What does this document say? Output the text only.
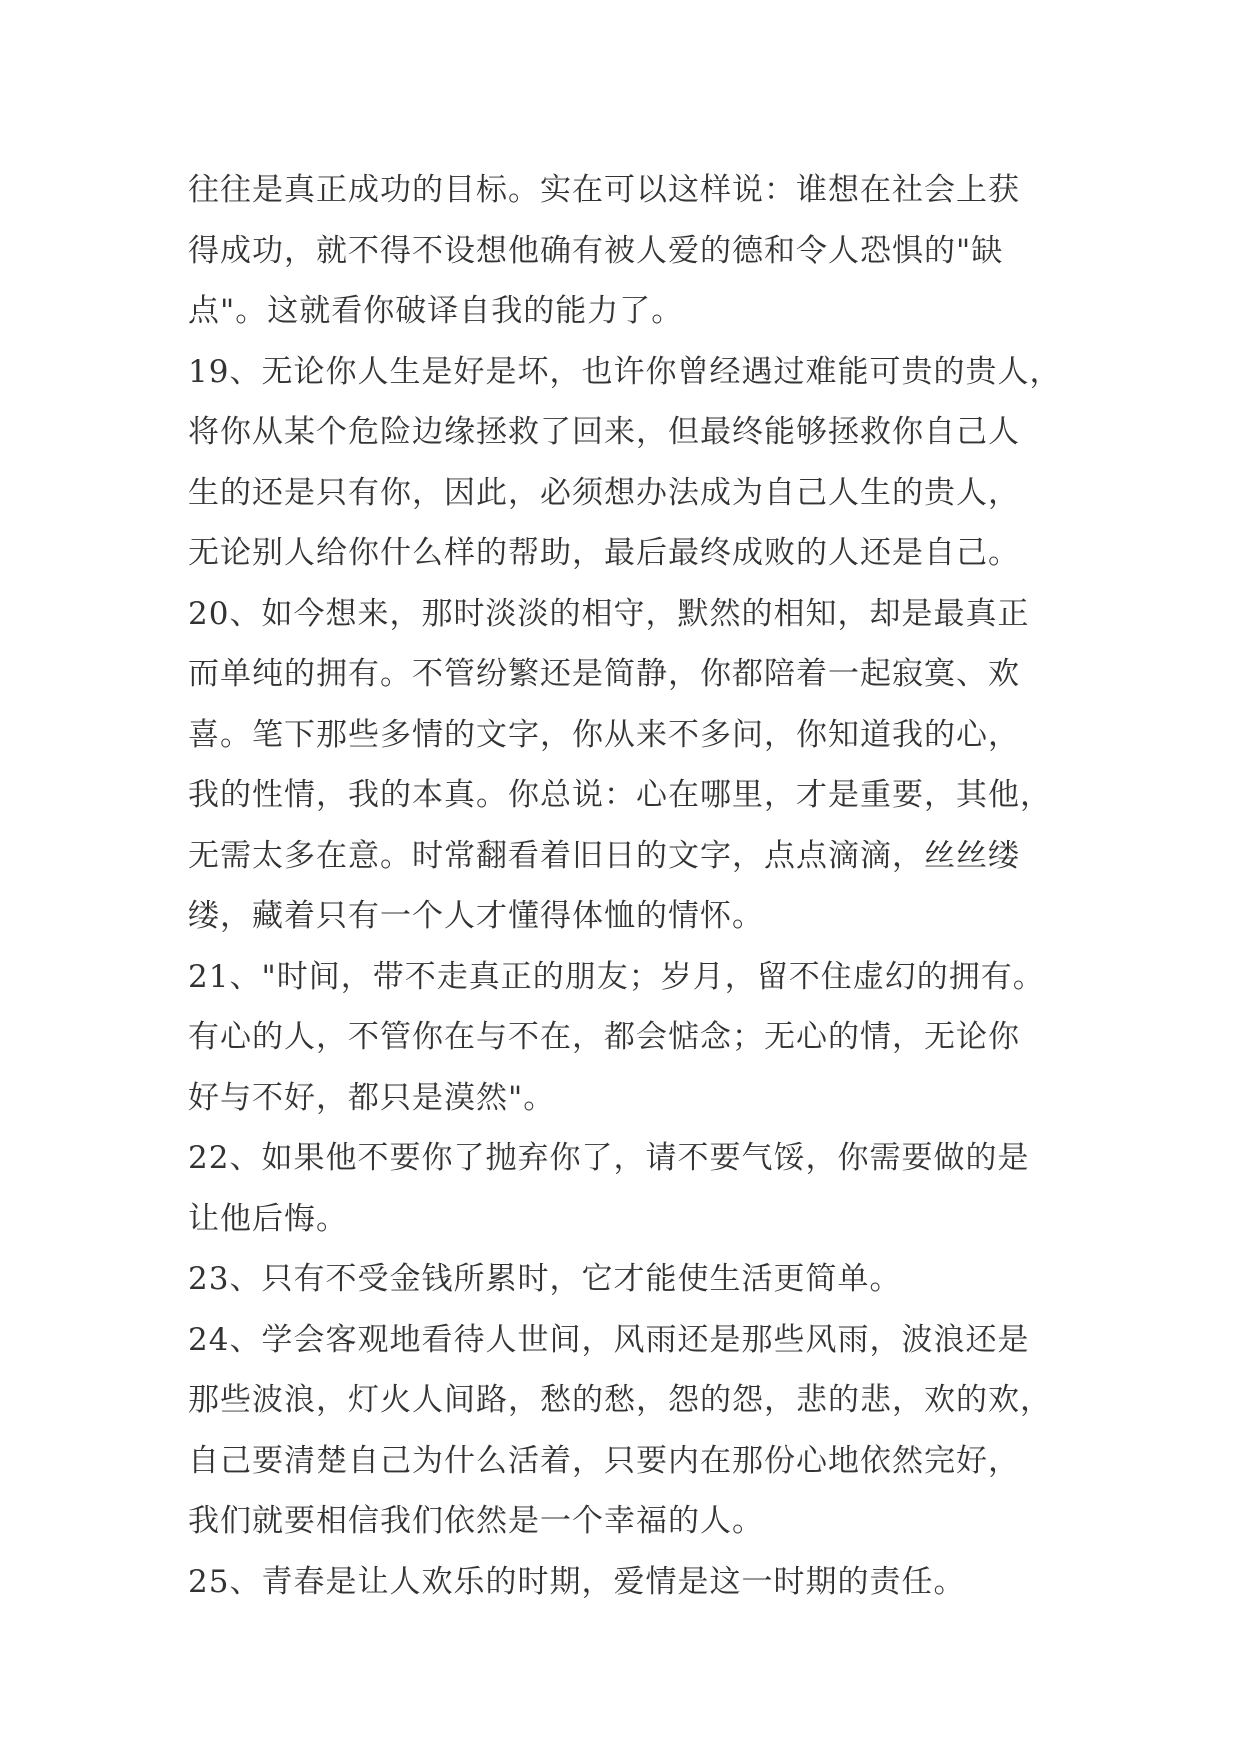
往往是真正成功的目标。实在可以这样说：谁想在社会上获
得成功，就不得不设想他确有被人爱的德和令人恐惧的"缺
点"。这就看你破译自我的能力了。
19、无论你人生是好是坏，也许你曾经遇过难能可贵的贵人，
将你从某个危险边缘拯救了回来，但最终能够拯救你自己人
生的还是只有你，因此，必须想办法成为自己人生的贵人，
无论别人给你什么样的帮助，最后最终成败的人还是自己。
20、如今想来，那时淡淡的相守，默然的相知，却是最真正
而单纯的拥有。不管纷繁还是简静，你都陪着一起寂寞、欢
喜。笔下那些多情的文字，你从来不多问，你知道我的心，
我的性情，我的本真。你总说：心在哪里，才是重要，其他，
无需太多在意。时常翻看着旧日的文字，点点滴滴，丝丝缕
缕，藏着只有一个人才懂得体恤的情怀。
21、"时间，带不走真正的朋友；岁月，留不住虚幻的拥有。
有心的人，不管你在与不在，都会惦念；无心的情，无论你
好与不好，都只是漠然"。
22、如果他不要你了抛弃你了，请不要气馁，你需要做的是
让他后悔。
23、只有不受金钱所累时，它才能使生活更简单。
24、学会客观地看待人世间，风雨还是那些风雨，波浪还是
那些波浪，灯火人间路，愁的愁，怨的怨，悲的悲，欢的欢，
自己要清楚自己为什么活着，只要内在那份心地依然完好，
我们就要相信我们依然是一个幸福的人。
25、青春是让人欢乐的时期，爱情是这一时期的责任。
